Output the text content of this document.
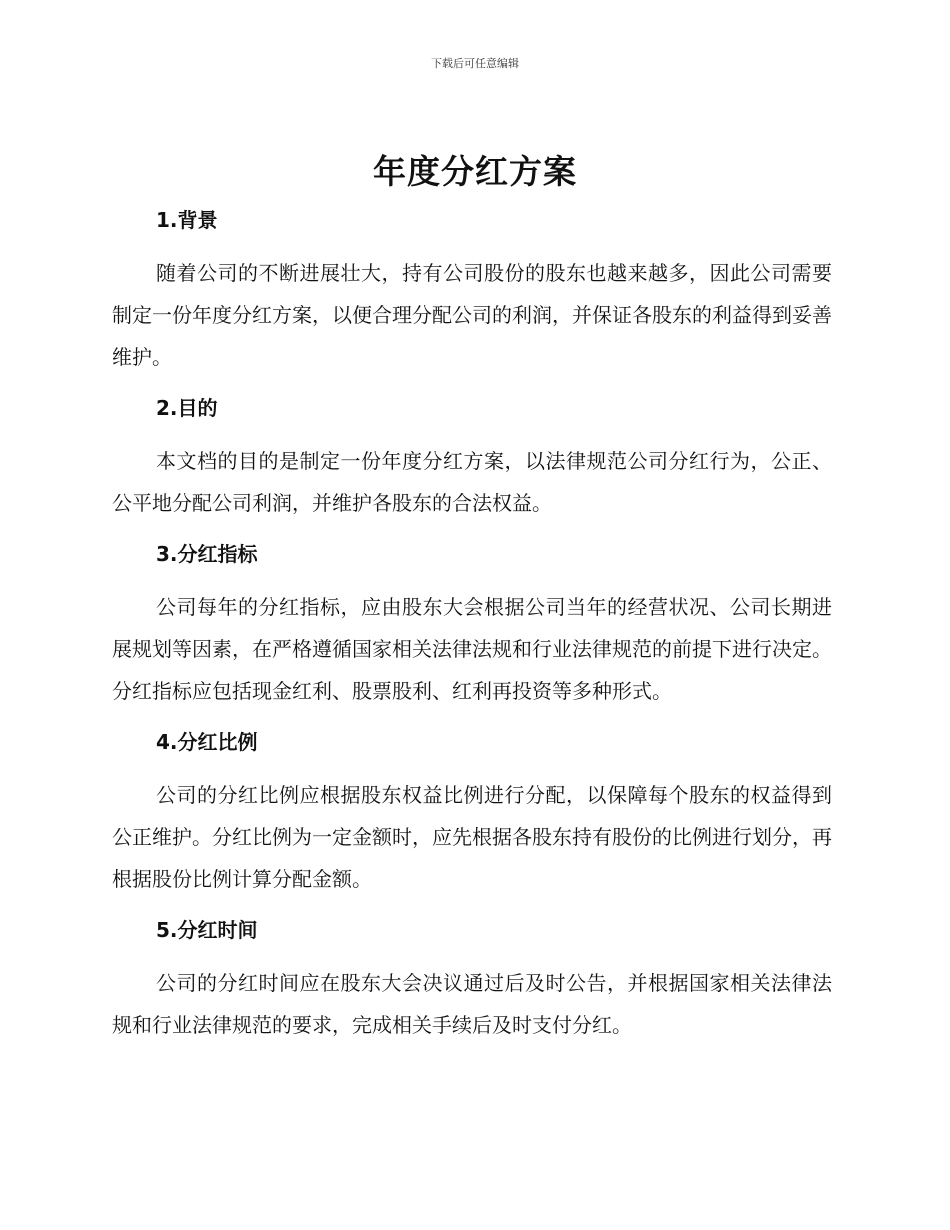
下载后可任意编辑
年度分红方案
1.背景

随着公司的不断进展壮大，持有公司股份的股东也越来越多，因此公司需要制定一份年度分红方案，以便合理分配公司的利润，并保证各股东的利益得到妥善维护。

2.目的

本文档的目的是制定一份年度分红方案，以法律规范公司分红行为，公正、公平地分配公司利润，并维护各股东的合法权益。

3.分红指标

公司每年的分红指标，应由股东大会根据公司当年的经营状况、公司长期进展规划等因素，在严格遵循国家相关法律法规和行业法律规范的前提下进行决定。分红指标应包括现金红利、股票股利、红利再投资等多种形式。

4.分红比例

公司的分红比例应根据股东权益比例进行分配，以保障每个股东的权益得到公正维护。分红比例为一定金额时，应先根据各股东持有股份的比例进行划分，再根据股份比例计算分配金额。

5.分红时间

公司的分红时间应在股东大会决议通过后及时公告，并根据国家相关法律法规和行业法律规范的要求，完成相关手续后及时支付分红。
